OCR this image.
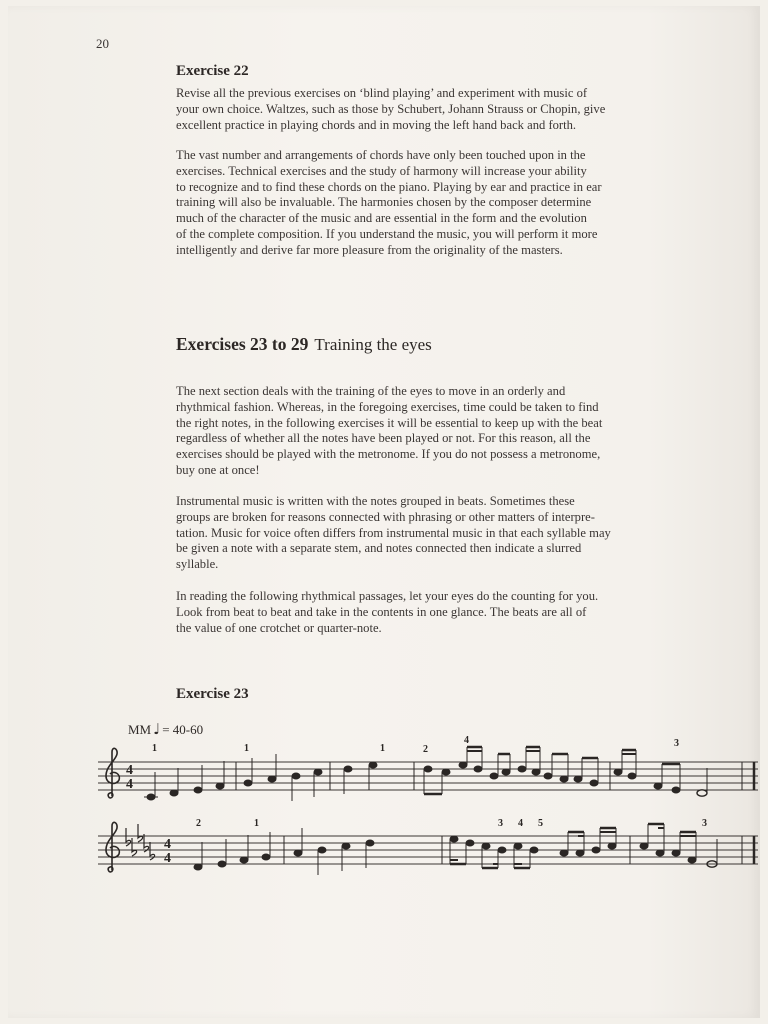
20
Exercise 22

Revise all the previous exercises on ‘blind playing’ and experiment with music of
your own choice. Waltzes, such as those by Schubert, Johann Strauss or Chopin, give
excellent practice in playing chords and in moving the left hand back and forth.

The vast number and arrangements of chords have only been touched upon in the
exercises. Technical exercises and the study of harmony will increase your ability
to recognize and to find these chords on the piano. Playing by ear and practice in ear
training will also be invaluable. The harmonies chosen by the composer determine
much of the character of the music and are essential in the form and the evolution
of the complete composition. If you understand the music, you will perform it more
intelligently and derive far more pleasure from the originality of the masters.

Exercises 23 to 29 Training the eyes

The next section deals with the training of the eyes to move in an orderly and
rhythmical fashion. Whereas, in the foregoing exercises, time could be taken to find
the right notes, in the following exercises it will be essential to keep up with the beat
regardless of whether all the notes have been played or not. For this reason, all the
exercises should be played with the metronome. If you do not possess a metronome,
buy one at once!

Instrumental music is written with the notes grouped in beats. Sometimes these
groups are broken for reasons connected with phrasing or other matters of interpre-
tation. Music for voice often differs from instrumental music in that each syllable may
be given a note with a separate stem, and notes connected then indicate a slurred
syllable.

In reading the following rhythmical passages, let your eyes do the counting for you.
Look from beat to beat and take in the contents in one glance. The beats are all of
the value of one crotchet or quarter-note.

Exercise 23
MM ♩ = 40-60
4
4
1	1	1	2
4	3
4
4
2	1	3 4 5	3
